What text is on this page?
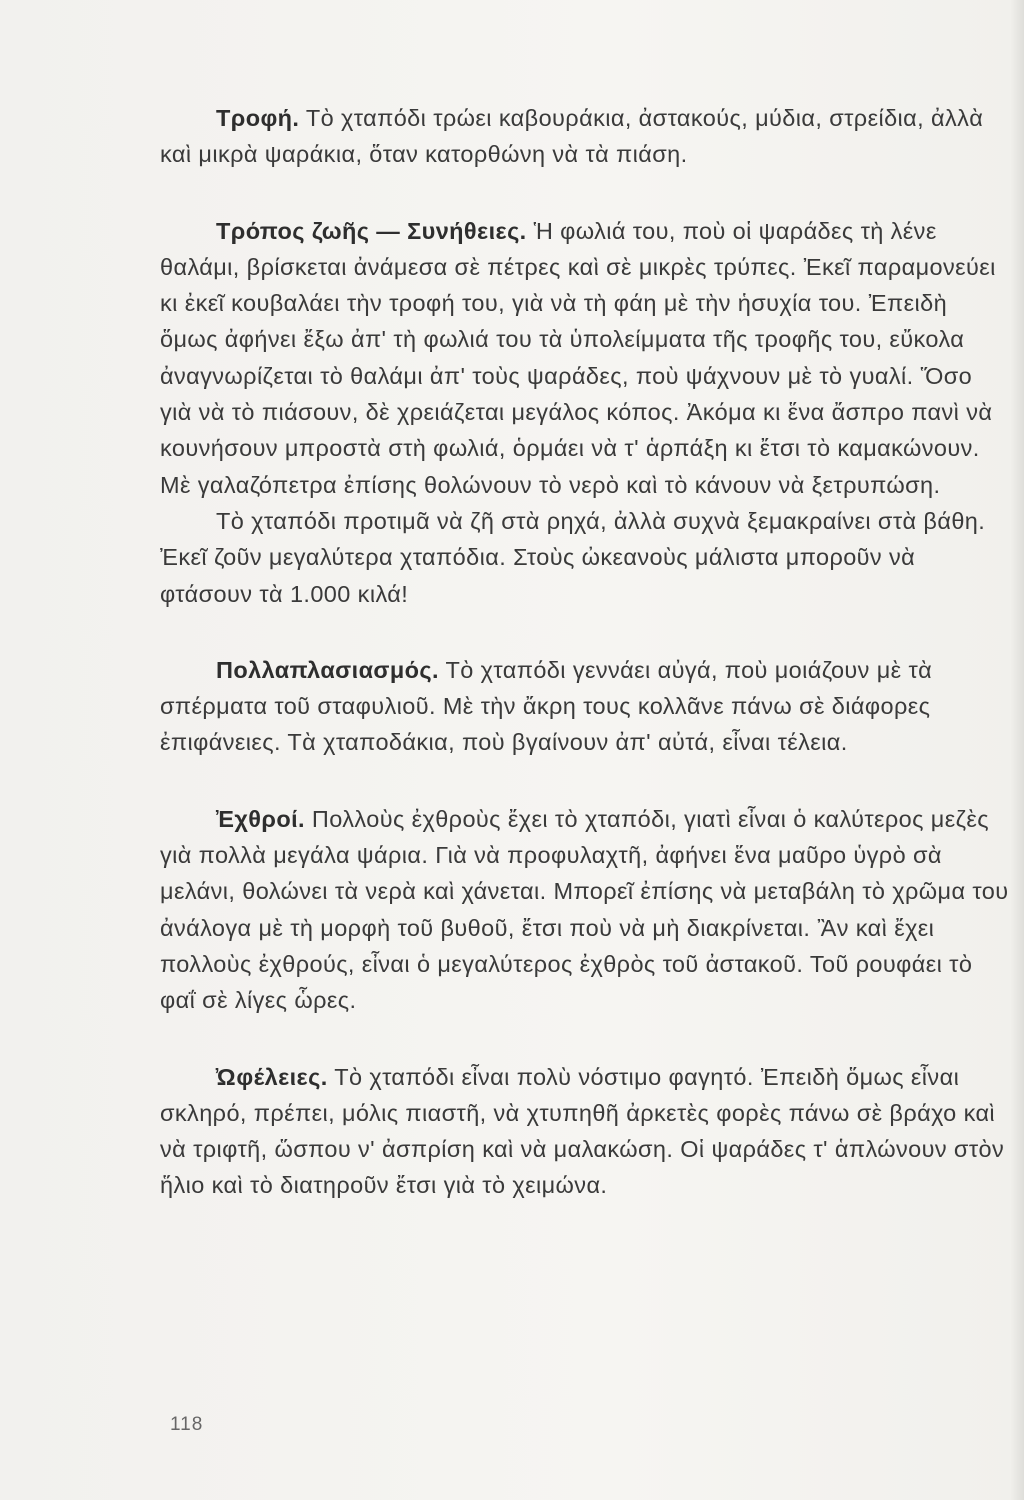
Τροφή. Τὸ χταπόδι τρώει καβουράκια, ἀστακούς, μύδια, στρείδια, ἀλλὰ καὶ μικρὰ ψαράκια, ὅταν κατορθώνη νὰ τὰ πιάση.

Τρόπος ζωῆς — Συνήθειες. Ἡ φωλιά του, ποὺ οἱ ψαράδες τὴ λένε θαλάμι, βρίσκεται ἀνάμεσα σὲ πέτρες καὶ σὲ μικρὲς τρύπες. Ἐκεῖ παραμονεύει κι ἐκεῖ κουβαλάει τὴν τροφή του, γιὰ νὰ τὴ φάη μὲ τὴν ἡσυχία του. Ἐπειδὴ ὅμως ἀφήνει ἔξω ἀπ' τὴ φωλιά του τὰ ὑπολείμματα τῆς τροφῆς του, εὔκολα ἀναγνωρίζεται τὸ θαλάμι ἀπ' τοὺς ψαράδες, ποὺ ψάχνουν μὲ τὸ γυαλί. Ὅσο γιὰ νὰ τὸ πιάσουν, δὲ χρειάζεται μεγάλος κόπος. Ἀκόμα κι ἕνα ἄσπρο πανὶ νὰ κουνήσουν μπροστὰ στὴ φωλιά, ὁρμάει νὰ τ' ἁρπάξη κι ἔτσι τὸ καμακώνουν. Μὲ γαλαζόπετρα ἐπίσης θολώνουν τὸ νερὸ καὶ τὸ κάνουν νὰ ξετρυπώση.

Τὸ χταπόδι προτιμᾶ νὰ ζῆ στὰ ρηχά, ἀλλὰ συχνὰ ξεμακραίνει στὰ βάθη. Ἐκεῖ ζοῦν μεγαλύτερα χταπόδια. Στοὺς ὠκεανοὺς μάλιστα μποροῦν νὰ φτάσουν τὰ 1.000 κιλά!

Πολλαπλασιασμός. Τὸ χταπόδι γεννάει αὐγά, ποὺ μοιάζουν μὲ τὰ σπέρματα τοῦ σταφυλιοῦ. Μὲ τὴν ἄκρη τους κολλᾶνε πάνω σὲ διάφορες ἐπιφάνειες. Τὰ χταποδάκια, ποὺ βγαίνουν ἀπ' αὐτά, εἶναι τέλεια.

Ἐχθροί. Πολλοὺς ἐχθροὺς ἔχει τὸ χταπόδι, γιατὶ εἶναι ὁ καλύτερος μεζὲς γιὰ πολλὰ μεγάλα ψάρια. Γιὰ νὰ προφυλαχτῆ, ἀφήνει ἕνα μαῦρο ὑγρὸ σὰ μελάνι, θολώνει τὰ νερὰ καὶ χάνεται. Μπορεῖ ἐπίσης νὰ μεταβάλη τὸ χρῶμα του ἀνάλογα μὲ τὴ μορφὴ τοῦ βυθοῦ, ἔτσι ποὺ νὰ μὴ διακρίνεται. Ἂν καὶ ἔχει πολλοὺς ἐχθρούς, εἶναι ὁ μεγαλύτερος ἐχθρὸς τοῦ ἀστακοῦ. Τοῦ ρουφάει τὸ φαΐ σὲ λίγες ὧρες.

Ὠφέλειες. Τὸ χταπόδι εἶναι πολὺ νόστιμο φαγητό. Ἐπειδὴ ὅμως εἶναι σκληρό, πρέπει, μόλις πιαστῆ, νὰ χτυπηθῆ ἀρκετὲς φορὲς πάνω σὲ βράχο καὶ νὰ τριφτῆ, ὥσπου ν' ἀσπρίση καὶ νὰ μαλακώση. Οἱ ψαράδες τ' ἁπλώνουν στὸν ἥλιο καὶ τὸ διατηροῦν ἔτσι γιὰ τὸ χειμώνα.

118
